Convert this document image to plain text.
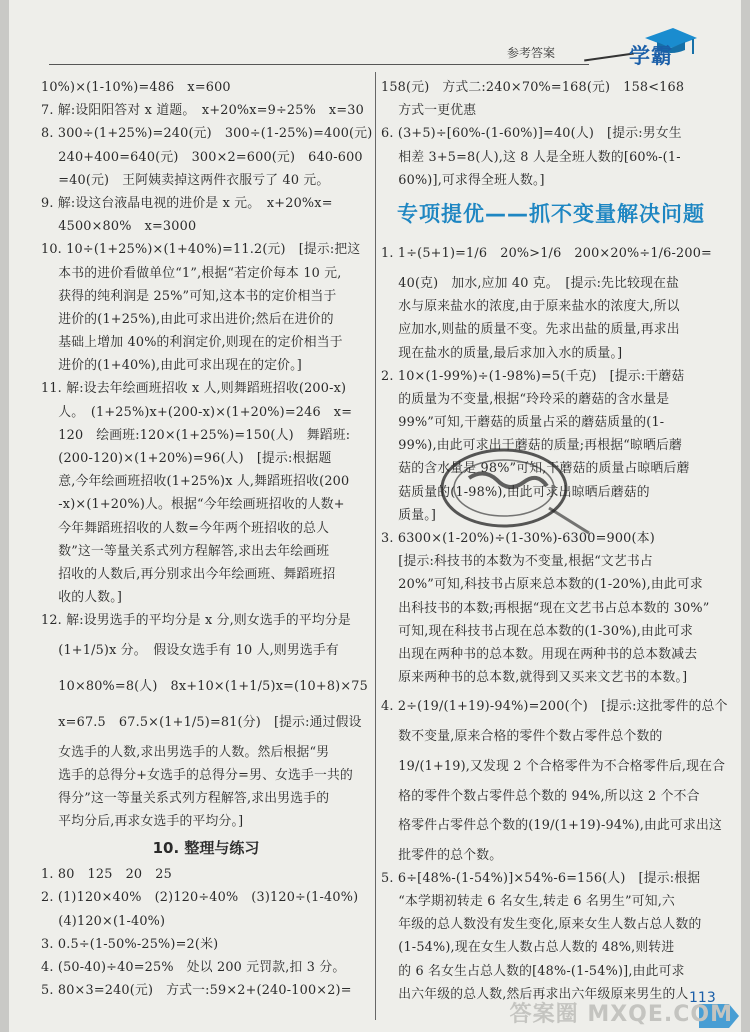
参考答案	学霸
10%)×(1-10%)=486　x=600
7. 解:设阳阳答对 x 道题。　x+20%x=9÷25%　x=30
8. 300÷(1+25%)=240(元)　300÷(1-25%)=400(元)
　 240+400=640(元)　300×2=600(元)　640-600
　 =40(元)　王阿姨卖掉这两件衣服亏了 40 元。
9. 解:设这台液晶电视的进价是 x 元。　x+20%x=
　 4500×80%　x=3000
10. 10÷(1+25%)×(1+40%)=11.2(元)　[提示:把这
　 本书的进价看做单位“1”,根据“若定价每本 10 元,
　 获得的纯利润是 25%”可知,这本书的定价相当于
　 进价的(1+25%),由此可求出进价;然后在进价的
　 基础上增加 40%的利润定价,则现在的定价相当于
　 进价的(1+40%),由此可求出现在的定价。]
11. 解:设去年绘画班招收 x 人,则舞蹈班招收(200-x)
　 人。　(1+25%)x+(200-x)×(1+20%)=246　x=
　 120　绘画班:120×(1+25%)=150(人)　舞蹈班:
　 (200-120)×(1+20%)=96(人)　[提示:根据题
　 意,今年绘画班招收(1+25%)x 人,舞蹈班招收(200
　 -x)×(1+20%)人。根据“今年绘画班招收的人数+
　 今年舞蹈班招收的人数=今年两个班招收的总人
　 数”这一等量关系式列方程解答,求出去年绘画班
　 招收的人数后,再分别求出今年绘画班、舞蹈班招
　 收的人数。]
12. 解:设男选手的平均分是 x 分,则女选手的平均分是
　 (1+1/5)x 分。　假设女选手有 10 人,则男选手有
　 10×80%=8(人)　8x+10×(1+1/5)x=(10+8)×75
　 x=67.5　67.5×(1+1/5)=81(分)　[提示:通过假设
　 女选手的人数,求出男选手的人数。然后根据“男
　 选手的总得分+女选手的总得分=男、女选手一共的
　 得分”这一等量关系式列方程解答,求出男选手的
　 平均分后,再求女选手的平均分。]
10. 整理与练习
1. 80　125　20　25
2. (1)120×40%　(2)120÷40%　(3)120÷(1-40%)
　 (4)120×(1-40%)
3. 0.5÷(1-50%-25%)=2(米)
4. (50-40)÷40=25%　处以 200 元罚款,扣 3 分。
5. 80×3=240(元)　方式一:59×2+(240-100×2)=
158(元)　方式二:240×70%=168(元)　158<168
　 方式一更优惠
6. (3+5)÷[60%-(1-60%)]=40(人)　[提示:男女生
　 相差 3+5=8(人),这 8 人是全班人数的[60%-(1-
　 60%)],可求得全班人数。]
专项提优——抓不变量解决问题
1. 1÷(5+1)=1/6　20%>1/6　200×20%÷1/6-200=
　 40(克)　加水,应加 40 克。　[提示:先比较现在盐
　 水与原来盐水的浓度,由于原来盐水的浓度大,所以
　 应加水,则盐的质量不变。先求出盐的质量,再求出
　 现在盐水的质量,最后求加入水的质量。]
2. 10×(1-99%)÷(1-98%)=5(千克)　[提示:干蘑菇
　 的质量为不变量,根据“玲玲采的蘑菇的含水量是
　 99%”可知,干蘑菇的质量占采的蘑菇质量的(1-
　 99%),由此可求出干蘑菇的质量;再根据“晾晒后蘑
　 菇的含水量是 98%”可知,干蘑菇的质量占晾晒后蘑
　 菇质量的(1-98%),由此可求出晾晒后蘑菇的
　 质量。]
3. 6300×(1-20%)÷(1-30%)-6300=900(本)
　 [提示:科技书的本数为不变量,根据“文艺书占
　 20%”可知,科技书占原来总本数的(1-20%),由此可求
　 出科技书的本数;再根据“现在文艺书占总本数的 30%”
　 可知,现在科技书占现在总本数的(1-30%),由此可求
　 出现在两种书的总本数。用现在两种书的总本数减去
　 原来两种书的总本数,就得到又买来文艺书的本数。]
4. 2÷(19/(1+19)-94%)=200(个)　[提示:这批零件的总个
　 数不变量,原来合格的零件个数占零件总个数的
　 19/(1+19),又发现 2 个合格零件为不合格零件后,现在合
　 格的零件个数占零件总个数的 94%,所以这 2 个不合
　 格零件占零件总个数的(19/(1+19)-94%),由此可求出这
　 批零件的总个数。
5. 6÷[48%-(1-54%)]×54%-6=156(人)　[提示:根据
　 “本学期初转走 6 名女生,转走 6 名男生”可知,六
　 年级的总人数没有发生变化,原来女生人数占总人数的
　 (1-54%),现在女生人数占总人数的 48%,则转进
　 的 6 名女生占总人数的[48%-(1-54%)],由此可求
　 出六年级的总人数,然后再求出六年级原来男生的人 113
答案圈 MXQE.COM
